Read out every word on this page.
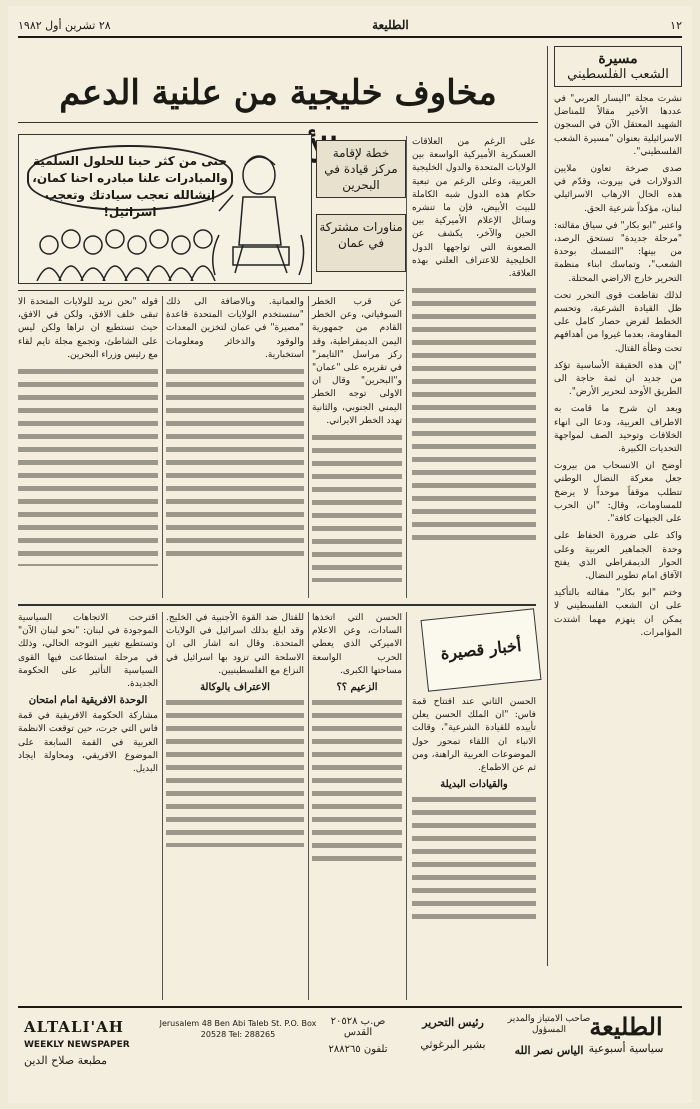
١٢
الطليعة
٢٨ تشرين أول ١٩٨٢
مسيرة
الشعب الفلسطيني

نشرت مجلة "اليسار العربي" في عددها الأخير مقالاً للمناضل الشهيد المعتقل الآن في السجون الاسرائيلية بعنوان "مسيرة الشعب الفلسطيني".

صدى صرخة تعاون ملايين الدولارات في بيروت، وقدّم في هذه الحال الارهاب الاسرائيلي لبنان، مؤكداً شرعية الحق.

واعتبر "ابو بكار" في سياق مقالته: "مرحلة جديدة" تستحق الرصد، من بينها: "التمسك بوحدة الشعب"، وتماسك ابناء منظمة التحرير خارج الاراضي المحتلة.

لذلك تقاطعت قوى التحرر تحت ظل القيادة الشرعية، وتحسم الخطط لفرض حصار كامل على المقاومة، بعدما غيروا من أهدافهم تحت وطأة القتال.

"إن هذه الحقيقة الأساسية تؤكد من جديد ان ثمة حاجة الى الطريق الأوحد لتحرير الأرض".

وبعد ان شرح ما قامت به الاطراف العربية، ودعا الى انهاء الخلافات وتوحيد الصف لمواجهة التحديات الكبيرة.

أوضح ان الانسحاب من بيروت جعل معركة النضال الوطني تتطلب موقفاً موحداً لا يرضخ للمساومات، وقال: "ان الحرب على الجبهات كافة".

واكد على ضرورة الحفاظ على وحدة الجماهير العربية وعلى الحوار الديمقراطي الذي يفتح الآفاق امام تطوير النضال.

وختم "ابو بكار" مقالته بالتأكيد على ان الشعب الفلسطيني لا يمكن ان ينهزم مهما اشتدت المؤامرات.

مخاوف خليجية من علنية الدعم
حتى من كثر حبنا للحلول السلمية والمبادرات علنا مبادره احنا كمان، إنشالله تعجب سيادتك وتعجب اسرائيل!
خطة لإقامة مركز قيادة في البحرين
مناورات مشتركة في عمان

على الرغم من العلاقات العسكرية الأميركية الواسعة بين الولايات المتحدة والدول الخليجية العربية، وعلى الرغم من تبعية حكام هذه الدول شبه الكاملة للبيت الأبيض، فإن ما تنشره وسائل الإعلام الأميركية بين الحين والآخر، يكشف عن الصعوبة التي تواجهها الدول الخليجية للاعتراف العلني بهذه العلاقة.

عن قرب الخطر السوفياتي، وعن الخطر القادم من جمهورية اليمن الديمقراطية، وقد ركز مراسل "التايمز" في تقريره على "عمان" و"البحرين" وقال ان الاولى توجه الخطر اليمني الجنوبي، والثانية تهدد الخطر الايراني.

والعمانية. وبالاضافة الى ذلك "ستستخدم الولايات المتحدة قاعدة "مصيرة" في عمان لتخزين المعدات والوقود والذخائر ومعلومات استخبارية.

قوله "نحن نريد للولايات المتحدة الا تبقى خلف الافق، ولكن في الافق، حيث تستطيع ان تراها ولكن ليس على الشاطئ، وتجمع مجلة تايم لقاء مع رئيس وزراء البحرين.

أخبار قصيرة

الحسن الثاني عند افتتاح قمة فاس: "ان الملك الحسن يعلن تأييده للقيادة الشرعية"، وقالت الانباء ان اللقاء تمحور حول الموضوعات العربية الراهنة، ومن ثم عن الاطماع.

والقيادات البديلة

الحسن التي اتخذها السادات، وعن الاعلام الاميركي الذي يعطي الحرب الواسعة مساحتها الكبرى.

الزعيم ؟؟

للقتال ضد القوة الأجنبية في الخليج. وقد ابلغ بذلك اسرائيل في الولايات المتحدة. وقال انه اشار الى ان الاسلحة التي تزود بها اسرائيل في النزاع مع الفلسطينيين.

الاعتراف بالوكالة

اقترحت الاتجاهات السياسية الموجودة في لبنان: "نحو لبنان الآن" وتستطيع تغيير التوجه الحالي، وذلك في مرحلة استطاعت فيها القوى السياسية التأثير على الحكومة الجديدة.

الوحدة الافريقية امام امتحان

مشاركة الحكومة الافريقية في قمة فاس التي جرت، حين توقعت الانظمة العربية في القمة السابعة على الموضوع الافريقي، ومحاولة ايجاد البديل.

ALTALI'AH
WEEKLY NEWSPAPER
مطبعة صلاح الدين
Jerusalem 48 Ben Abi Taleb St. P.O. Box 20528 Tel: 288265
ص.ب ٢٠٥٢٨ القدس
تلفون ٢٨٨٢٦٥
رئيس التحرير
بشير البرغوثي
صاحب الامتياز والمدير المسؤول
الياس نصر الله
الطليعة
سياسية أسبوعية
